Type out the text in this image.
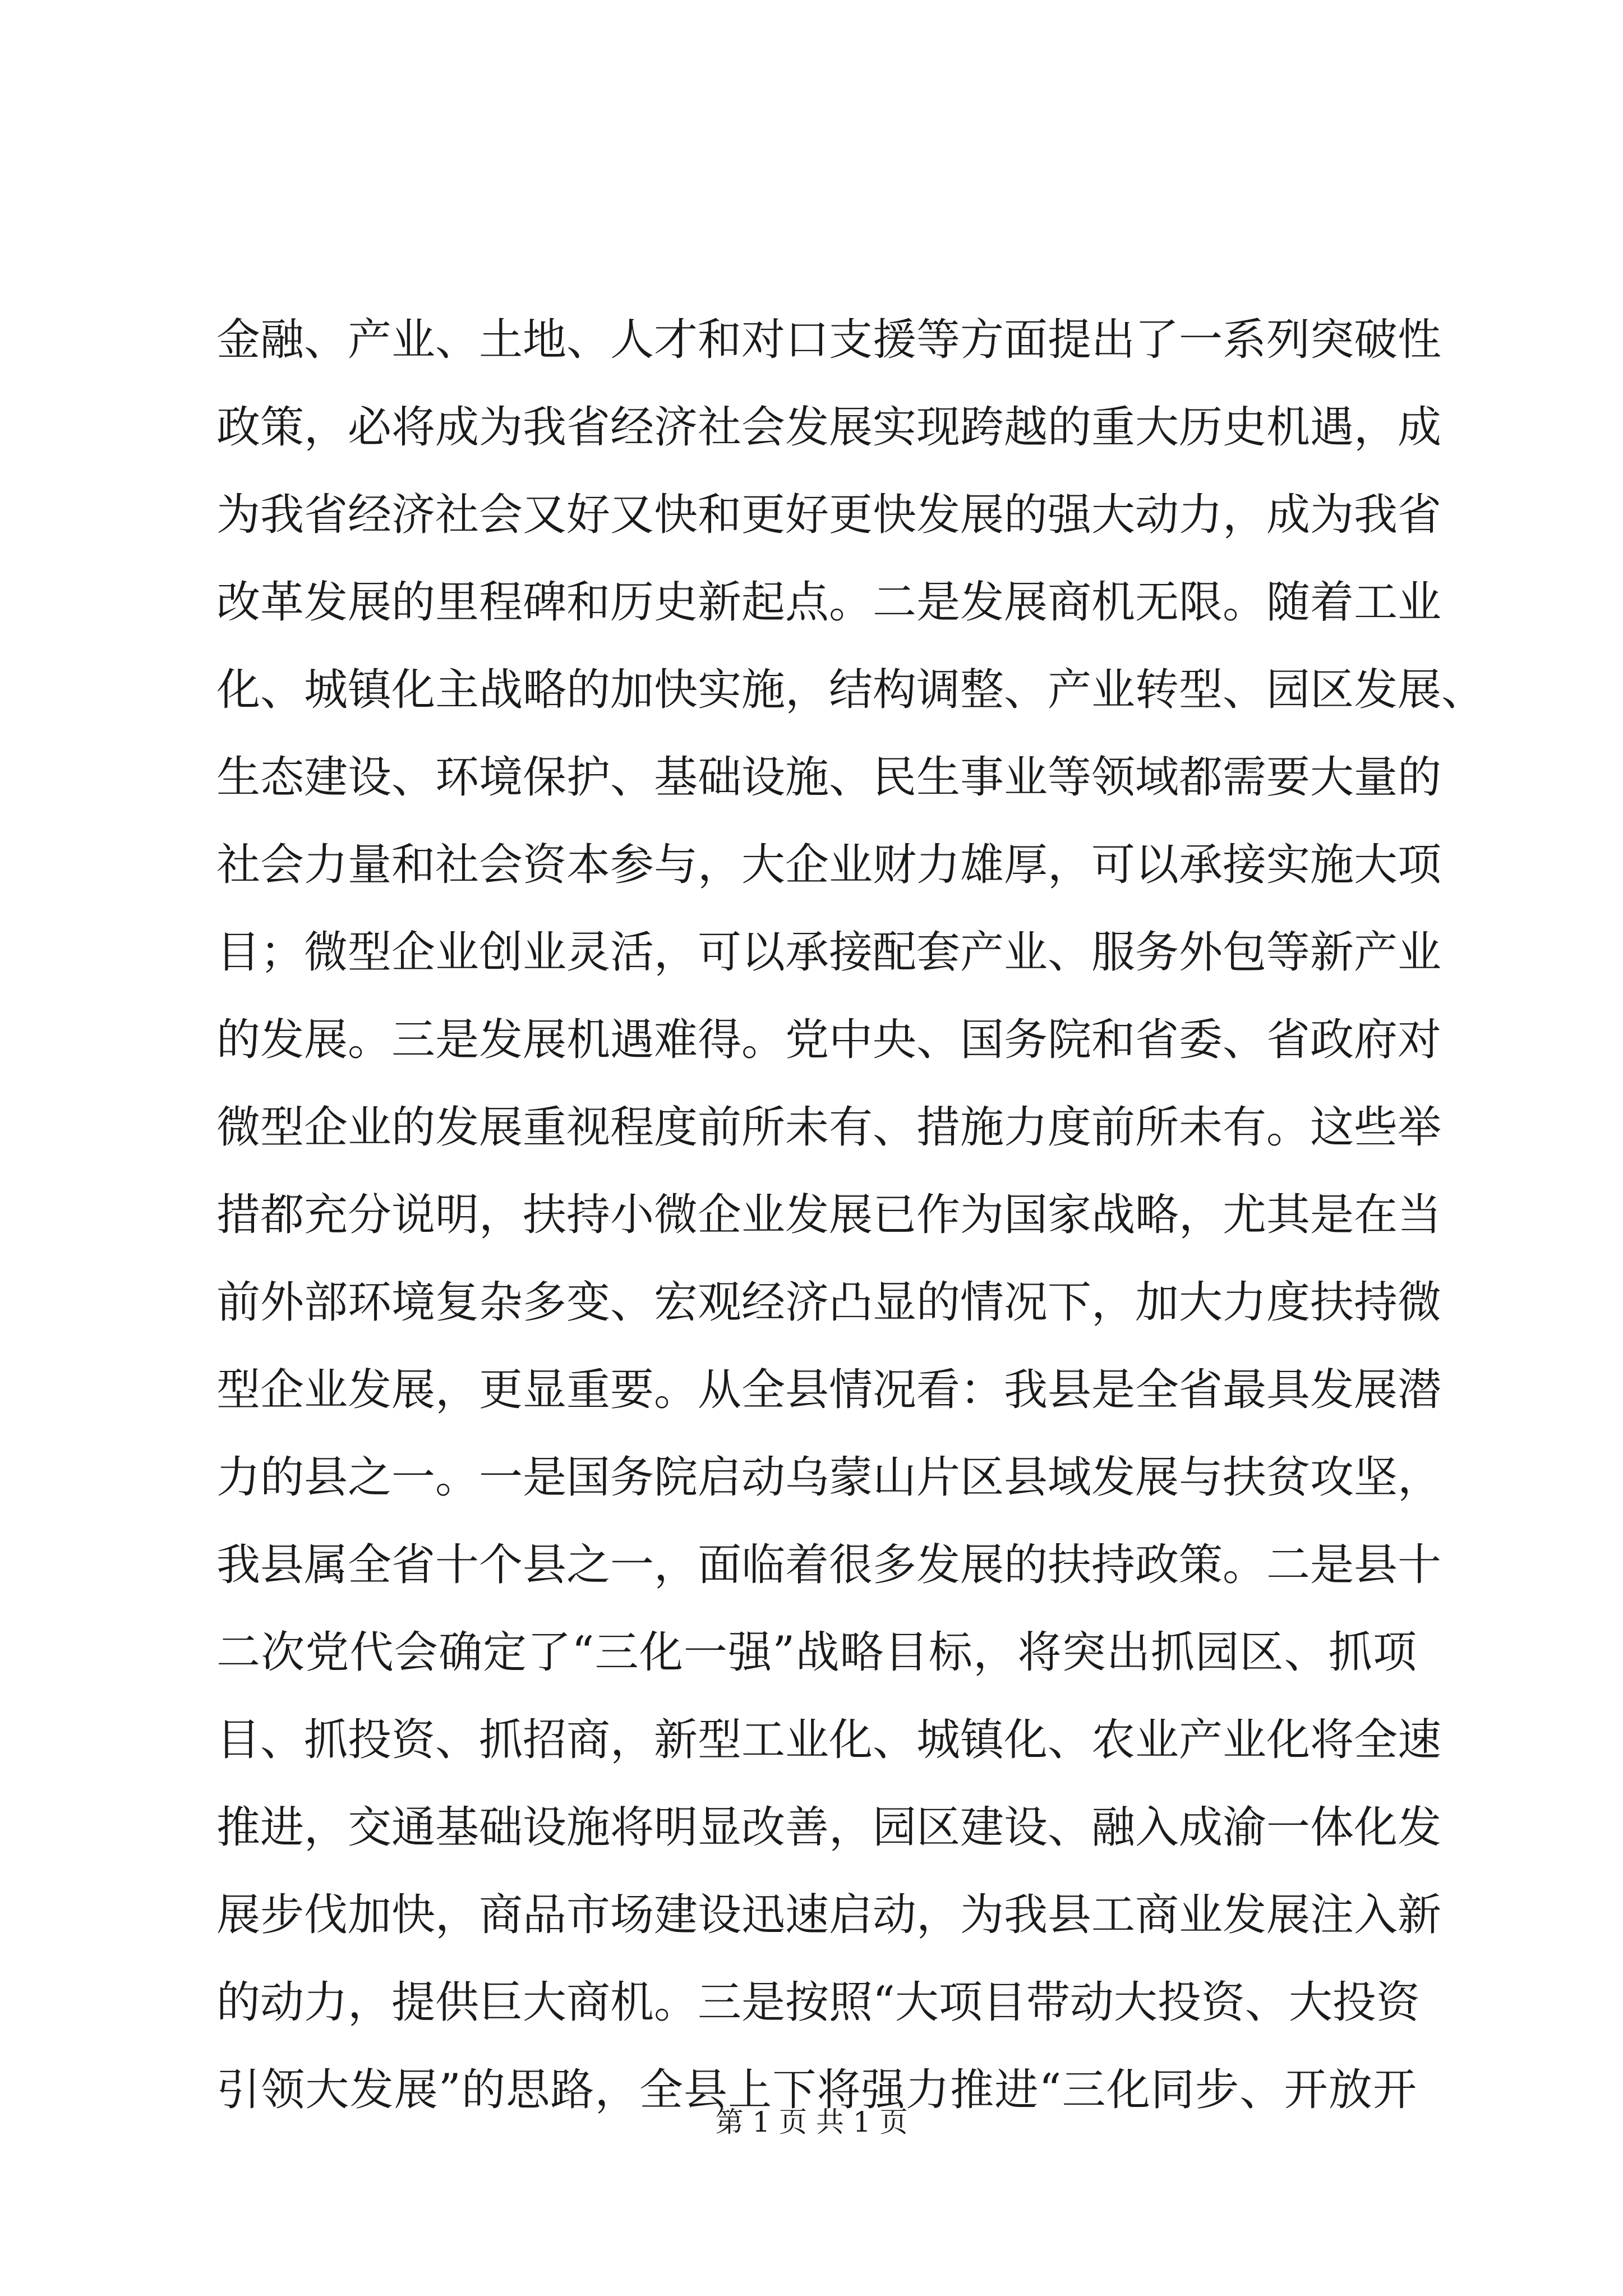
金融、产业、土地、人才和对口支援等方面提出了一系列突破性
政策，必将成为我省经济社会发展实现跨越的重大历史机遇，成
为我省经济社会又好又快和更好更快发展的强大动力，成为我省
改革发展的里程碑和历史新起点。二是发展商机无限。随着工业
化、城镇化主战略的加快实施，结构调整、产业转型、园区发展、
生态建设、环境保护、基础设施、民生事业等领域都需要大量的
社会力量和社会资本参与，大企业财力雄厚，可以承接实施大项
目；微型企业创业灵活，可以承接配套产业、服务外包等新产业
的发展。三是发展机遇难得。党中央、国务院和省委、省政府对
微型企业的发展重视程度前所未有、措施力度前所未有。这些举
措都充分说明，扶持小微企业发展已作为国家战略，尤其是在当
前外部环境复杂多变、宏观经济凸显的情况下，加大力度扶持微
型企业发展，更显重要。从全县情况看：我县是全省最具发展潜
力的县之一。一是国务院启动乌蒙山片区县域发展与扶贫攻坚，
我县属全省十个县之一，面临着很多发展的扶持政策。二是县十
二次党代会确定了“三化一强”战略目标，将突出抓园区、抓项
目、抓投资、抓招商，新型工业化、城镇化、农业产业化将全速
推进，交通基础设施将明显改善，园区建设、融入成渝一体化发
展步伐加快，商品市场建设迅速启动，为我县工商业发展注入新
的动力，提供巨大商机。三是按照“大项目带动大投资、大投资
引领大发展”的思路，全县上下将强力推进“三化同步、开放开
第 1 页 共 1 页
